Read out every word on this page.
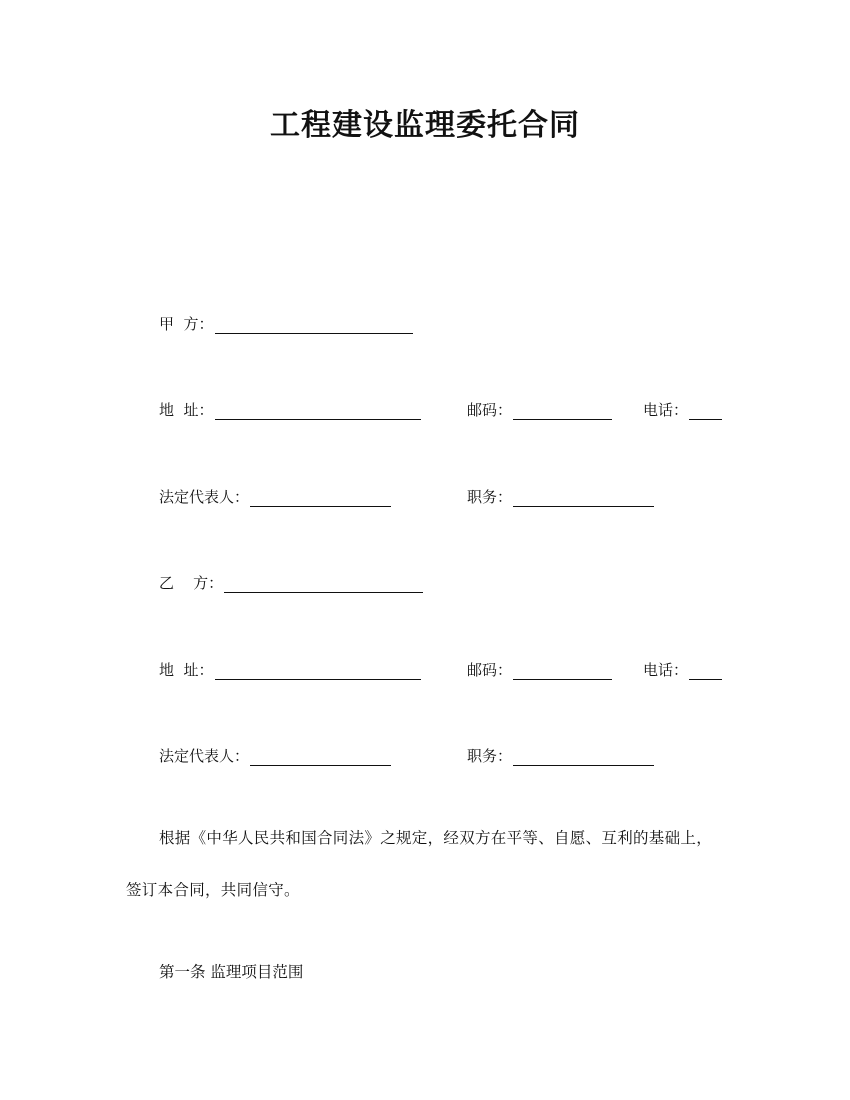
工程建设监理委托合同
甲  方：
地  址：	邮码：	电话：
法定代表人：	职务：
乙    方：
地  址：	邮码：	电话：
法定代表人：	职务：

根据《中华人民共和国合同法》之规定，经双方在平等、自愿、互利的基础上，签订本合同，共同信守。

第一条 监理项目范围
